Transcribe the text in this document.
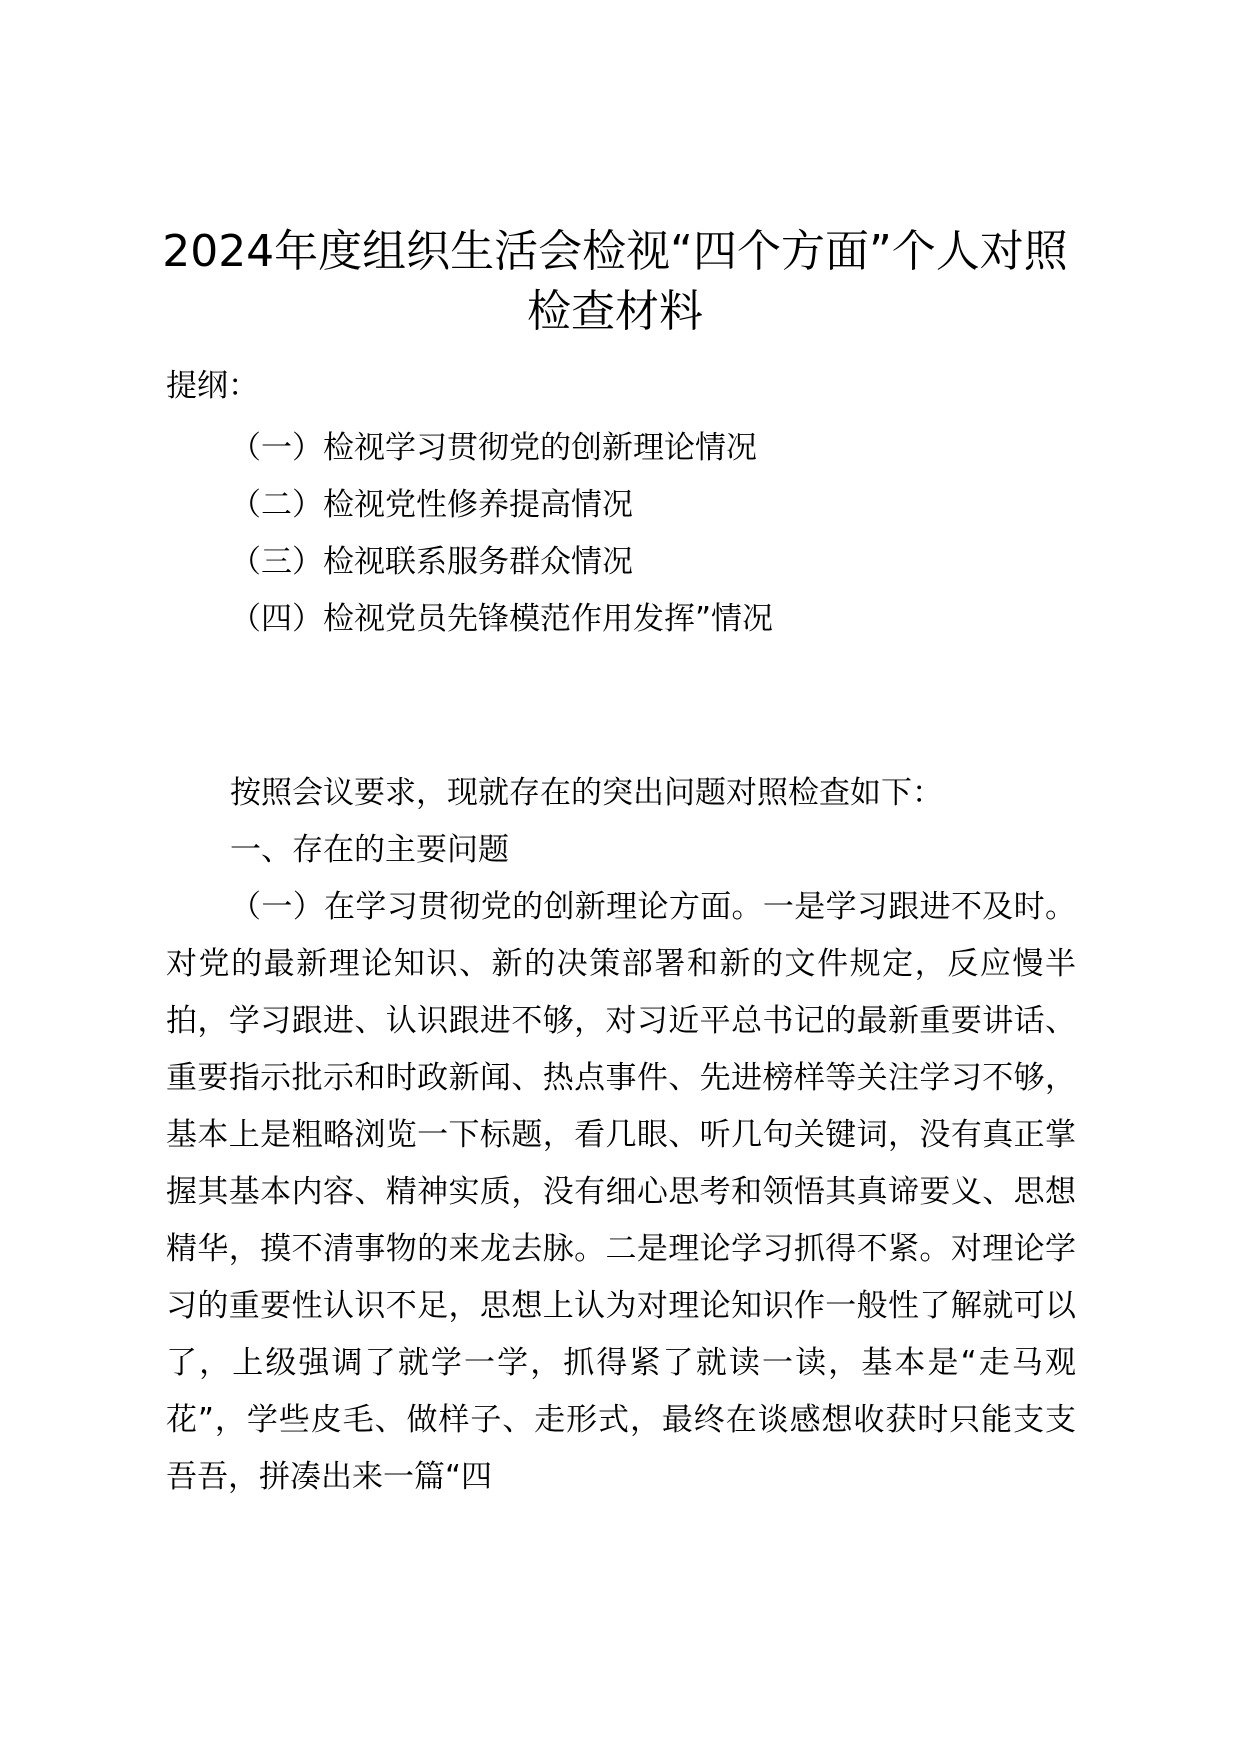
2024年度组织生活会检视“四个方面”个人对照检查材料
提纲：
（一）检视学习贯彻党的创新理论情况
（二）检视党性修养提高情况
（三）检视联系服务群众情况
（四）检视党员先锋模范作用发挥”情况

按照会议要求，现就存在的突出问题对照检查如下：

一、存在的主要问题

（一）在学习贯彻党的创新理论方面。一是学习跟进不及时。对党的最新理论知识、新的决策部署和新的文件规定，反应慢半拍，学习跟进、认识跟进不够，对习近平总书记的最新重要讲话、重要指示批示和时政新闻、热点事件、先进榜样等关注学习不够，基本上是粗略浏览一下标题，看几眼、听几句关键词，没有真正掌握其基本内容、精神实质，没有细心思考和领悟其真谛要义、思想精华，摸不清事物的来龙去脉。二是理论学习抓得不紧。对理论学习的重要性认识不足，思想上认为对理论知识作一般性了解就可以了，上级强调了就学一学，抓得紧了就读一读，基本是“走马观花”，学些皮毛、做样子、走形式，最终在谈感想收获时只能支支吾吾，拼凑出来一篇“四
